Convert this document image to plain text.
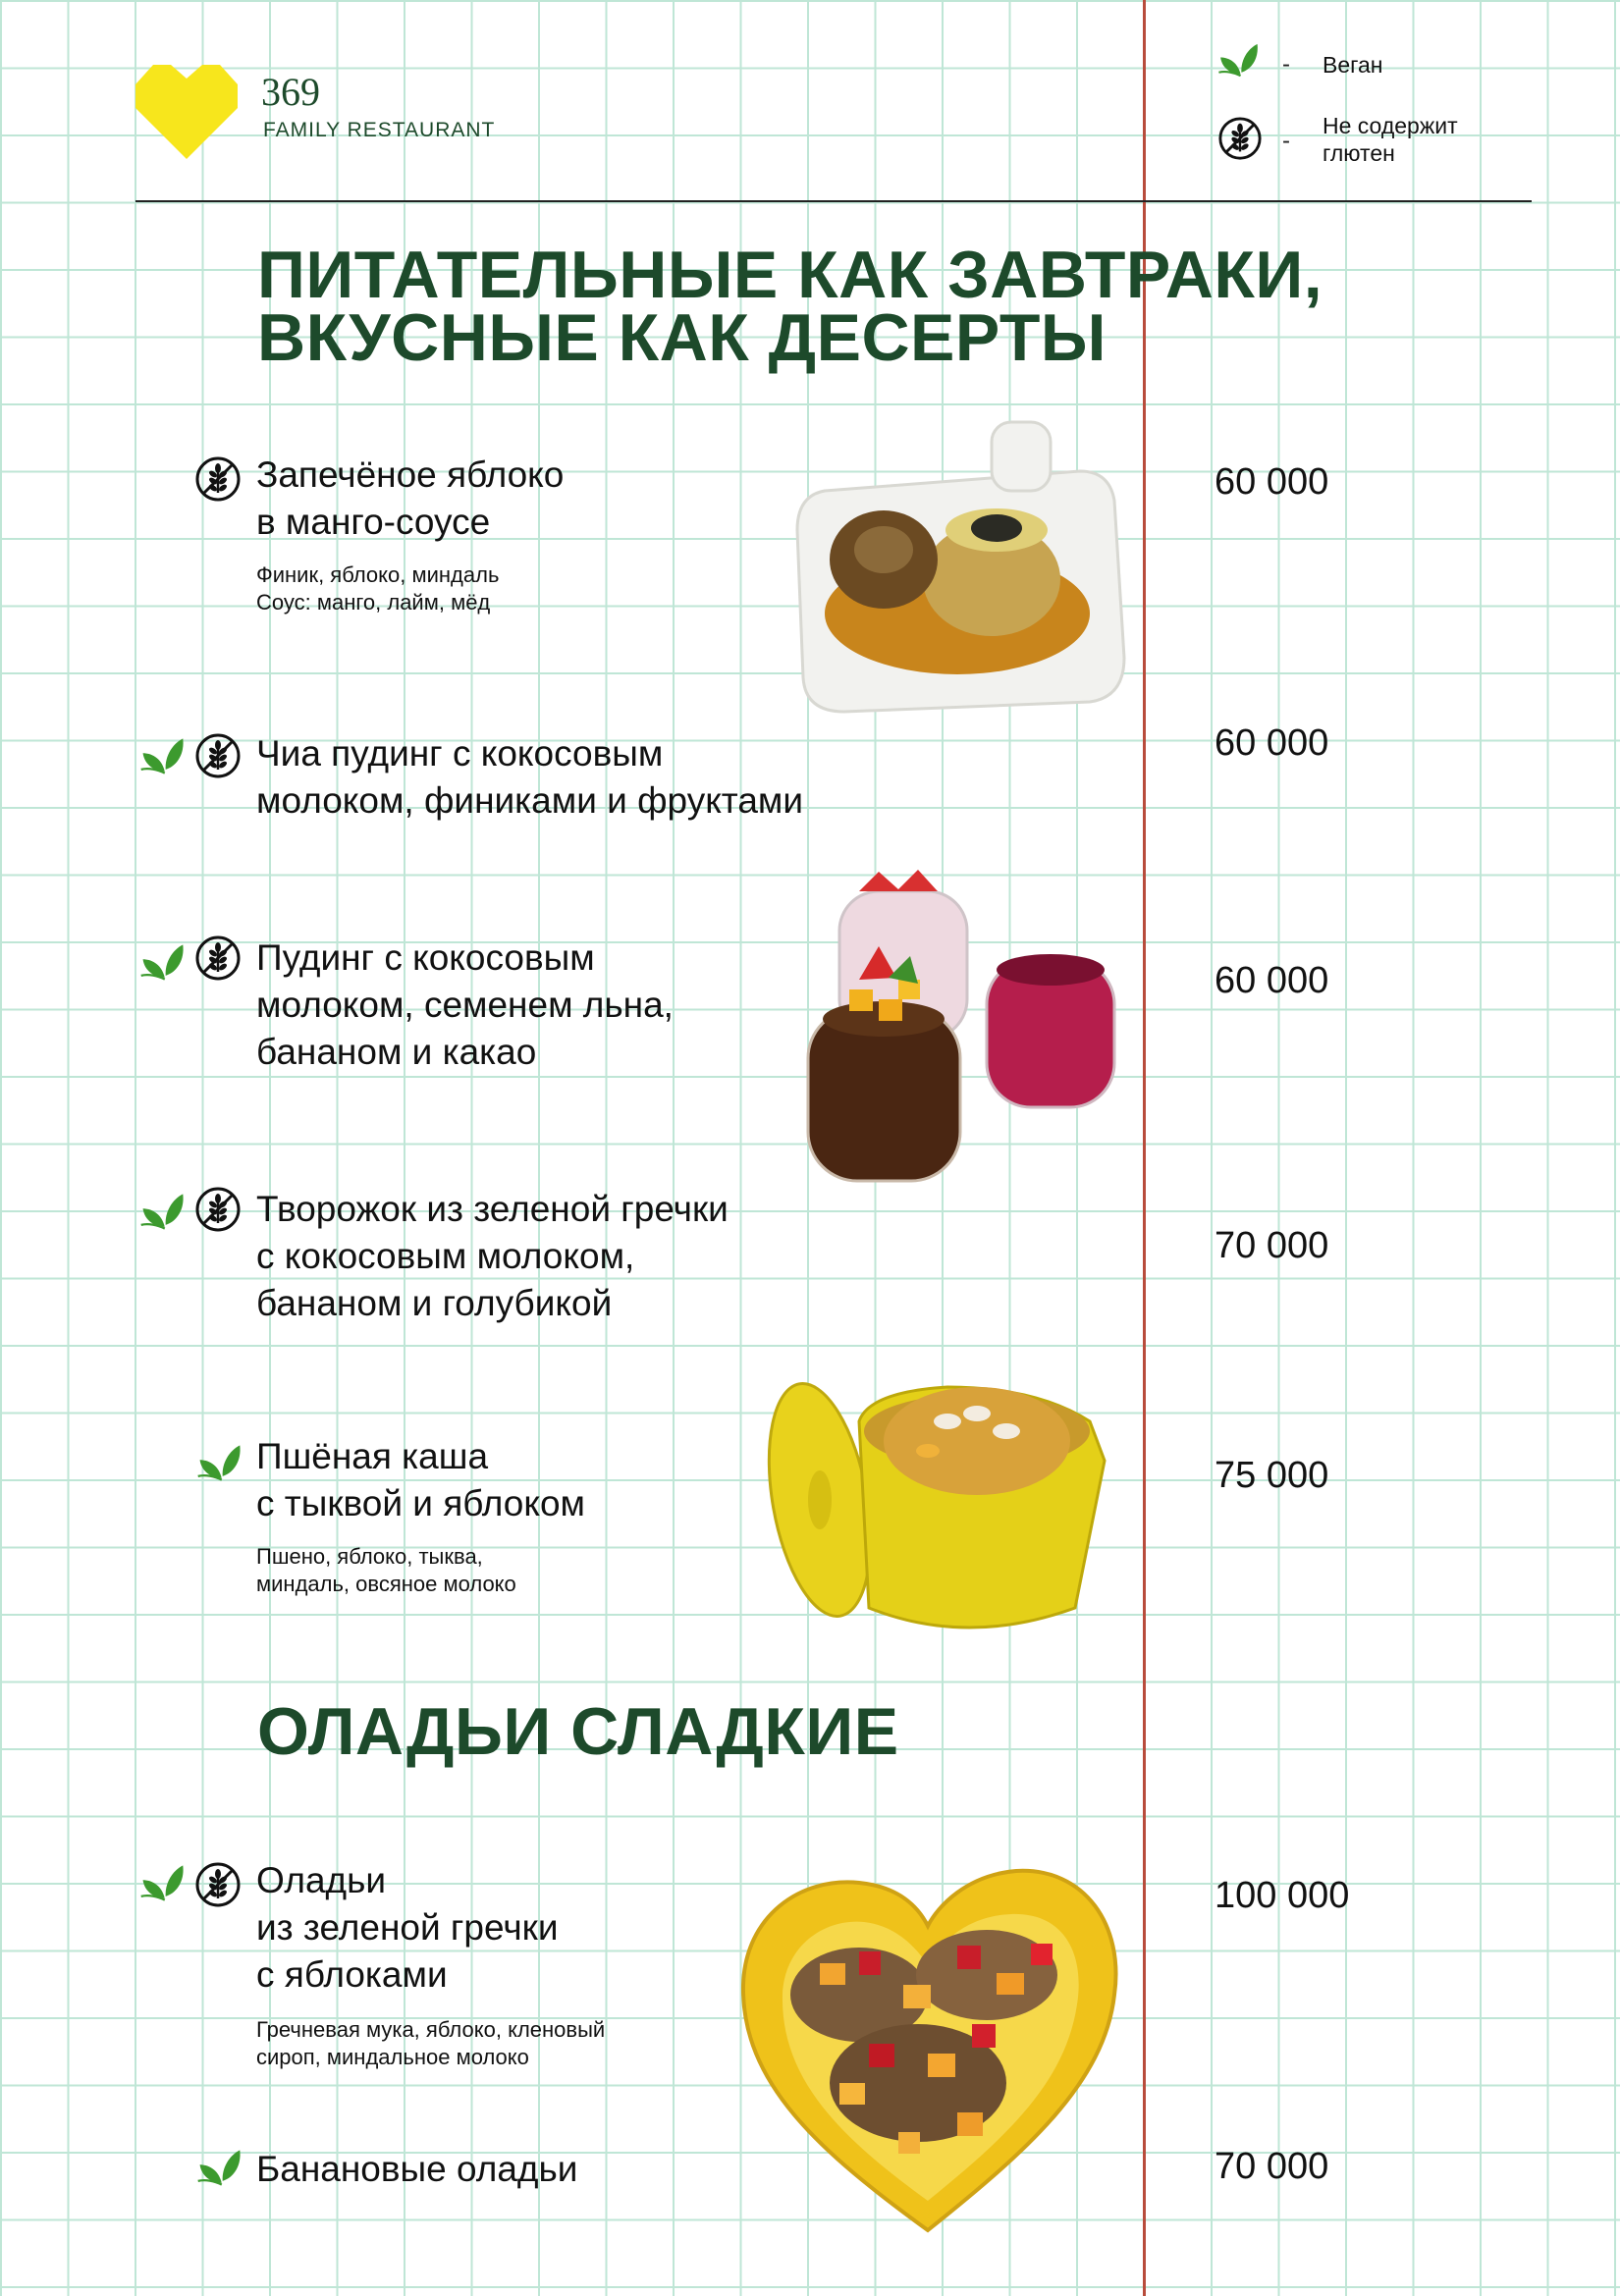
369
FAMILY RESTAURANT
- Веган
-
Не содержит
глютен
ПИТАТЕЛЬНЫЕ КАК ЗАВТРАКИ,
ВКУСНЫЕ КАК ДЕСЕРТЫ
Запечёное яблоко
в манго-соусе
Финик, яблоко, миндаль
Соус: манго, лайм, мёд
60 000
Чиа пудинг с кокосовым
молоком, финиками и фруктами
60 000
Пудинг с кокосовым
молоком, семенем льна,
бананом и какао
60 000
Творожок из зеленой гречки
с кокосовым молоком,
бананом и голубикой
70 000
Пшёная каша
с тыквой и яблоком
Пшено, яблоко, тыква,
миндаль, овсяное молоко
75 000
ОЛАДЬИ СЛАДКИЕ
Оладьи
из зеленой гречки
с яблоками
Гречневая мука, яблоко, кленовый
сироп, миндальное молоко
100 000
Банановые оладьи	70 000
